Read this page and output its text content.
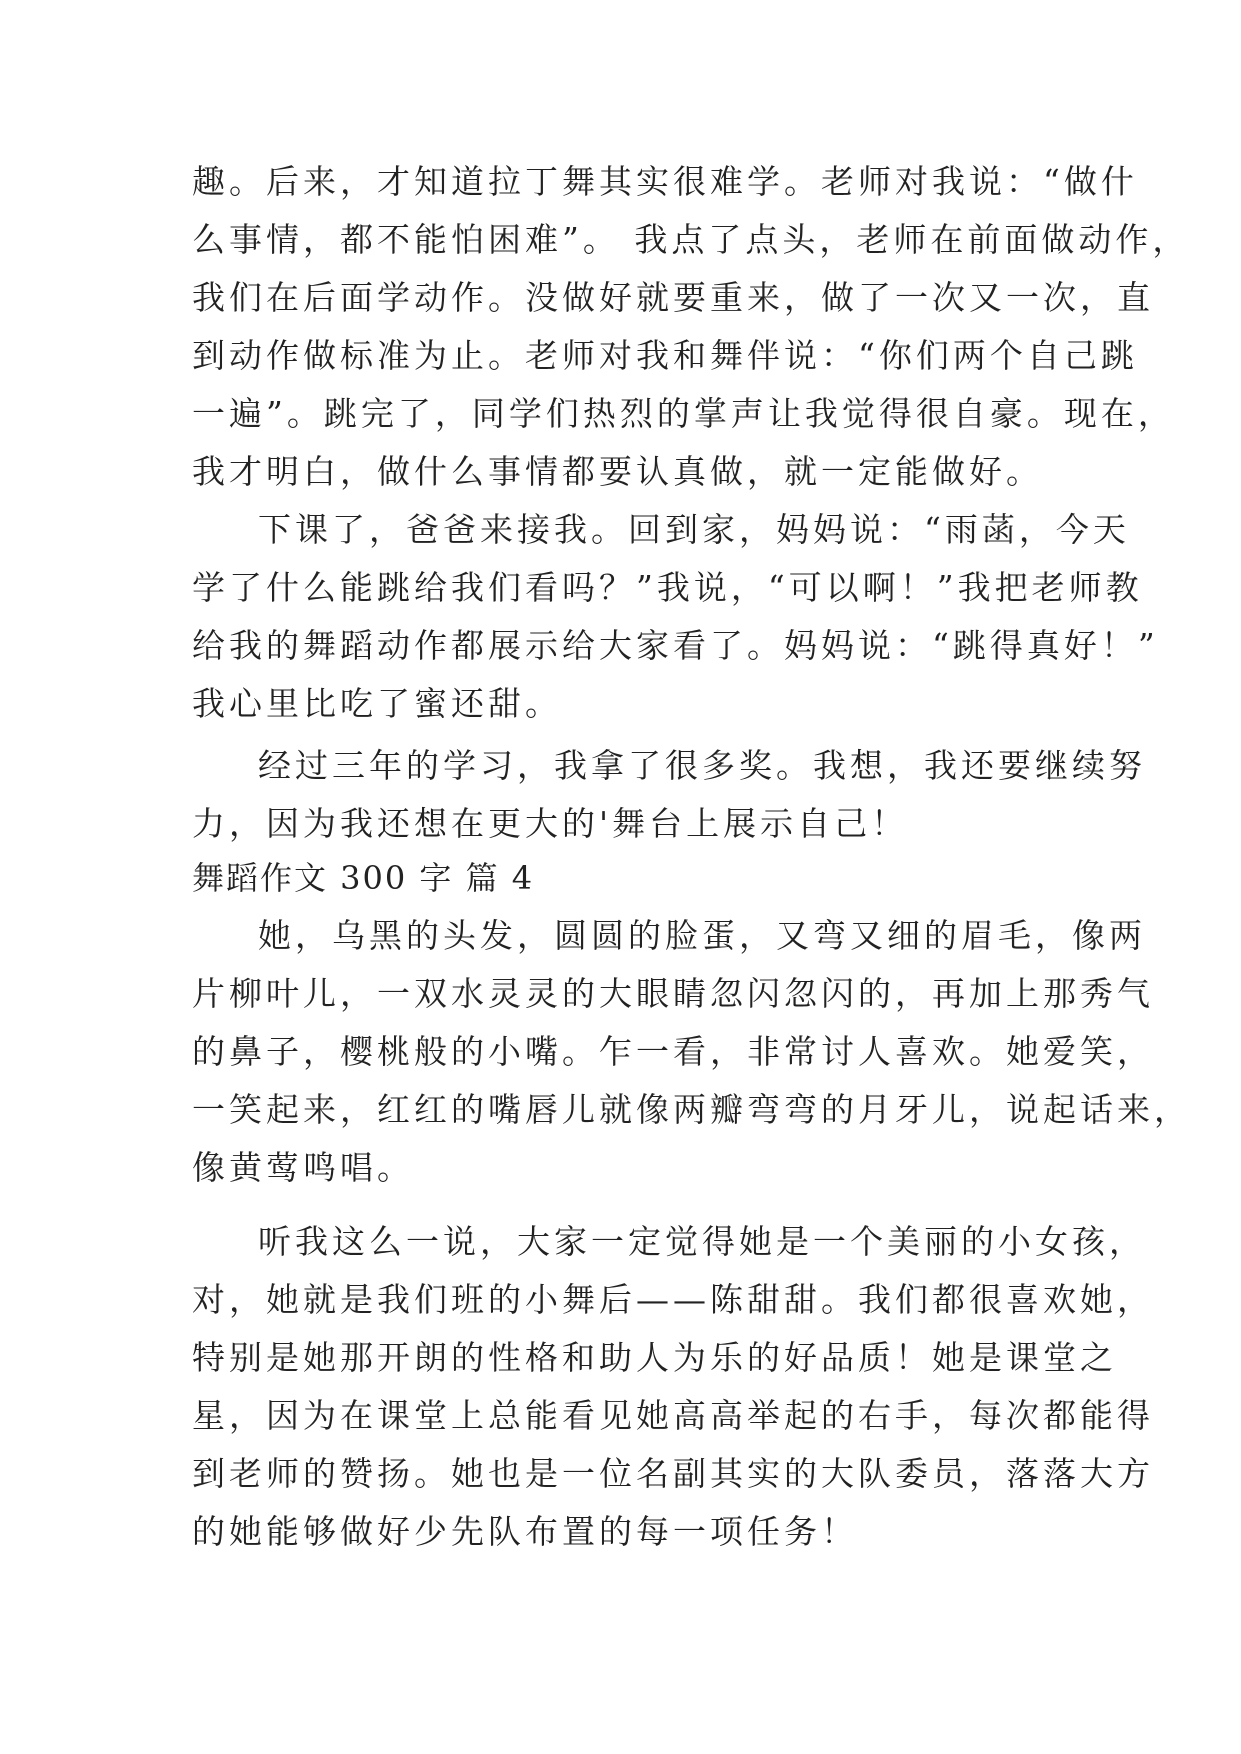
趣。后来，才知道拉丁舞其实很难学。老师对我说：“做什
么事情，都不能怕困难”。 我点了点头，老师在前面做动作，
我们在后面学动作。没做好就要重来，做了一次又一次，直
到动作做标准为止。老师对我和舞伴说：“你们两个自己跳
一遍”。跳完了，同学们热烈的掌声让我觉得很自豪。现在，
我才明白，做什么事情都要认真做，就一定能做好。
下课了，爸爸来接我。回到家，妈妈说：“雨菡，今天
学了什么能跳给我们看吗？”我说，“可以啊！”我把老师教
给我的舞蹈动作都展示给大家看了。妈妈说：“跳得真好！”
我心里比吃了蜜还甜。
经过三年的学习，我拿了很多奖。我想，我还要继续努
力，因为我还想在更大的'舞台上展示自己！
舞蹈作文 300 字 篇 4
她，乌黑的头发，圆圆的脸蛋，又弯又细的眉毛，像两
片柳叶儿，一双水灵灵的大眼睛忽闪忽闪的，再加上那秀气
的鼻子，樱桃般的小嘴。乍一看，非常讨人喜欢。她爱笑，
一笑起来，红红的嘴唇儿就像两瓣弯弯的月牙儿，说起话来，
像黄莺鸣唱。
听我这么一说，大家一定觉得她是一个美丽的小女孩，
对，她就是我们班的小舞后——陈甜甜。我们都很喜欢她，
特别是她那开朗的性格和助人为乐的好品质！她是课堂之
星，因为在课堂上总能看见她高高举起的右手，每次都能得
到老师的赞扬。她也是一位名副其实的大队委员，落落大方
的她能够做好少先队布置的每一项任务！
